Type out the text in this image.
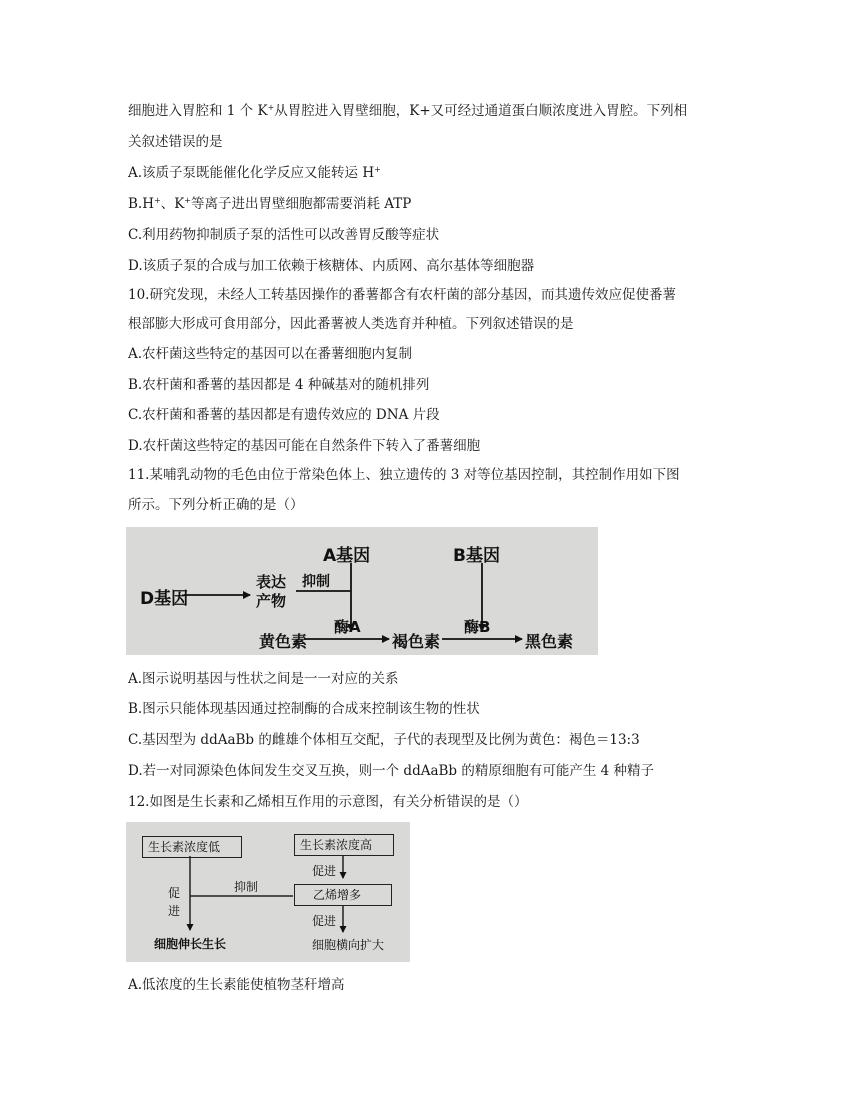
细胞进入胃腔和 1 个 K+从胃腔进入胃壁细胞，K+又可经过通道蛋白顺浓度进入胃腔。下列相
关叙述错误的是
A.该质子泵既能催化化学反应又能转运 H+
B.H+、K+等离子进出胃壁细胞都需要消耗 ATP
C.利用药物抑制质子泵的活性可以改善胃反酸等症状
D.该质子泵的合成与加工依赖于核糖体、内质网、高尔基体等细胞器
10.研究发现，未经人工转基因操作的番薯都含有农杆菌的部分基因，而其遗传效应促使番薯
根部膨大形成可食用部分，因此番薯被人类选育并种植。下列叙述错误的是
A.农杆菌这些特定的基因可以在番薯细胞内复制
B.农杆菌和番薯的基因都是 4 种碱基对的随机排列
C.农杆菌和番薯的基因都是有遗传效应的 DNA 片段
D.农杆菌这些特定的基因可能在自然条件下转入了番薯细胞
11.某哺乳动物的毛色由位于常染色体上、独立遗传的 3 对等位基因控制，其控制作用如下图
所示。下列分析正确的是（）
A基因	B基因
D基因
表达
产物
抑制
黄色素
酶A
褐色素
酶B
黑色素
A.图示说明基因与性状之间是一一对应的关系
B.图示只能体现基因通过控制酶的合成来控制该生物的性状
C.基因型为 ddAaBb 的雌雄个体相互交配，子代的表现型及比例为黄色：褐色＝13:3
D.若一对同源染色体间发生交叉互换，则一个 ddAaBb 的精原细胞有可能产生 4 种精子
12.如图是生长素和乙烯相互作用的示意图，有关分析错误的是（）
生长素浓度低	生长素浓度高
促进
促
进
抑制
乙烯增多
促进
细胞伸长生长	细胞横向扩大
A.低浓度的生长素能使植物茎秆增高
